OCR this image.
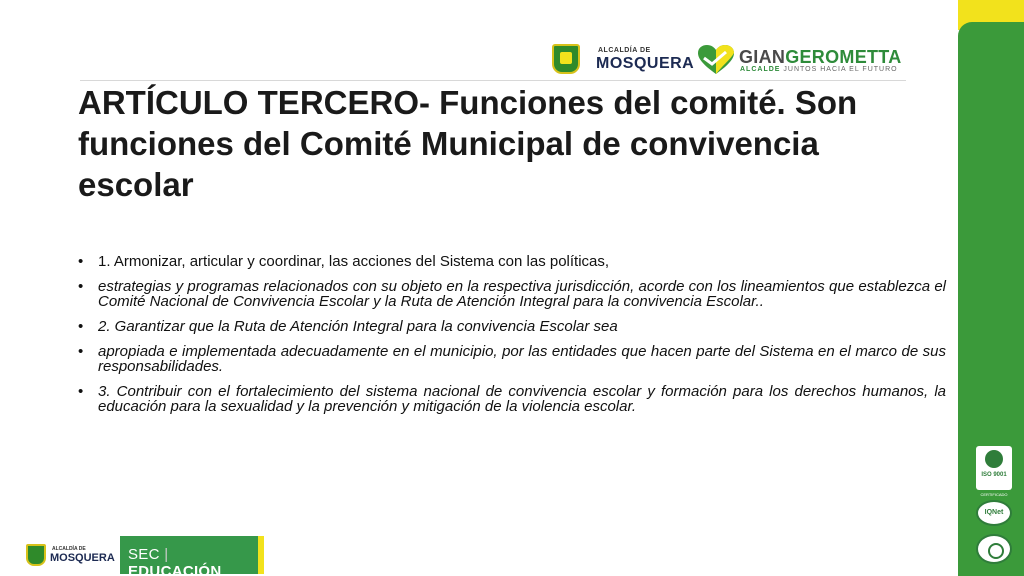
ALCALDÍA DE
MOSQUERA GIANGEROMETTA
ALCALDE JUNTOS HACIA EL FUTURO
ARTÍCULO TERCERO- Funciones del comité. Son funciones del Comité Municipal de convivencia escolar
• 1. Armonizar, articular y coordinar, las acciones del Sistema con las políticas,
• estrategias y programas relacionados con su objeto en la respectiva jurisdicción, acorde con los lineamientos que establezca el Comité Nacional de Convivencia Escolar y la Ruta de Atención Integral para la convivencia Escolar..
• 2. Garantizar que la Ruta de Atención Integral para la convivencia Escolar sea
• apropiada e implementada adecuadamente en el municipio, por las entidades que hacen parte del Sistema en el marco de sus responsabilidades.
• 3. Contribuir con el fortalecimiento del sistema nacional de convivencia escolar y formación para los derechos humanos, la educación para la sexualidad y la prevención y mitigación de la violencia escolar.
ALCALDÍA DE
MOSQUERA SEC | EDUCACIÓN
ISO 9001
CERTIFICADO
IQNet
